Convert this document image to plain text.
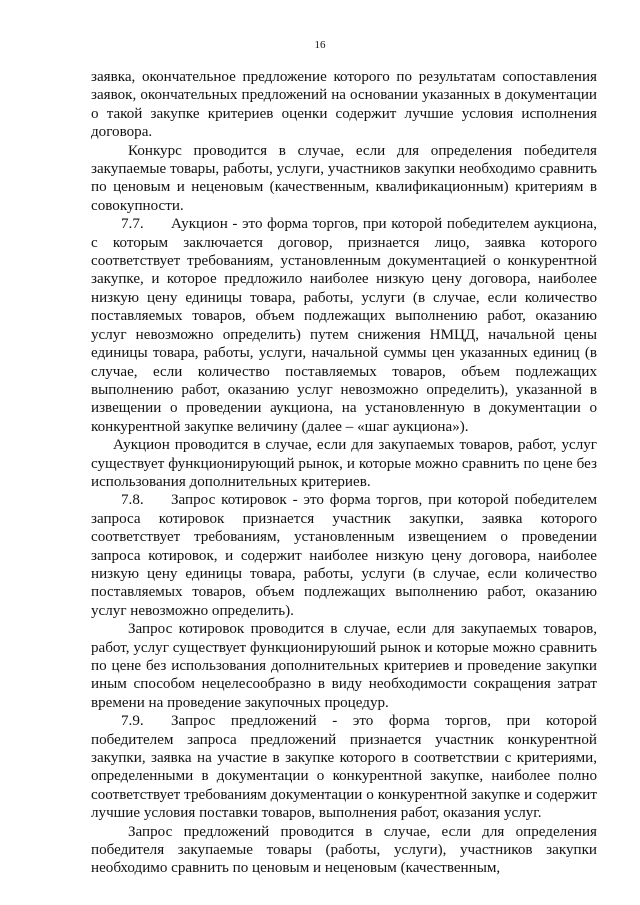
16

заявка, окончательное предложение которого по результатам сопоставления заявок, окончательных предложений на основании указанных в документации о такой закупке критериев оценки содержит лучшие условия исполнения договора.

Конкурс проводится в случае, если для определения победителя закупаемые товары, работы, услуги, участников закупки необходимо сравнить по ценовым и неценовым (качественным, квалификационным) критериям в совокупности.

7.7. Аукцион - это форма торгов, при которой победителем аукциона, с которым заключается договор, признается лицо, заявка которого соответствует требованиям, установленным документацией о конкурентной закупке, и которое предложило наиболее низкую цену договора, наиболее низкую цену единицы товара, работы, услуги (в случае, если количество поставляемых товаров, объем подлежащих выполнению работ, оказанию услуг невозможно определить) путем снижения НМЦД, начальной цены единицы товара, работы, услуги, начальной суммы цен указанных единиц (в случае, если количество поставляемых товаров, объем подлежащих выполнению работ, оказанию услуг невозможно определить), указанной в извещении о проведении аукциона, на установленную в документации о конкурентной закупке величину (далее – «шаг аукциона»).

Аукцион проводится в случае, если для закупаемых товаров, работ, услуг существует функционирующий рынок, и которые можно сравнить по цене без использования дополнительных критериев.

7.8. Запрос котировок - это форма торгов, при которой победителем запроса котировок признается участник закупки, заявка которого соответствует требованиям, установленным извещением о проведении запроса котировок, и содержит наиболее низкую цену договора, наиболее низкую цену единицы товара, работы, услуги (в случае, если количество поставляемых товаров, объем подлежащих выполнению работ, оказанию услуг невозможно определить).

Запрос котировок проводится в случае, если для закупаемых товаров, работ, услуг существует функционируюший рынок и которые можно сравнить по цене без использования дополнительных критериев и проведение закупки иным способом нецелесообразно в виду необходимости сокращения затрат времени на проведение закупочных процедур.

7.9. Запрос предложений - это форма торгов, при которой победителем запроса предложений признается участник конкурентной закупки, заявка на участие в закупке которого в соответствии с критериями, определенными в документации о конкурентной закупке, наиболее полно соответствует требованиям документации о конкурентной закупке и содержит лучшие условия поставки товаров, выполнения работ, оказания услуг.

Запрос предложений проводится в случае, если для определения победителя закупаемые товары (работы, услуги), участников закупки необходимо сравнить по ценовым и неценовым (качественным,
